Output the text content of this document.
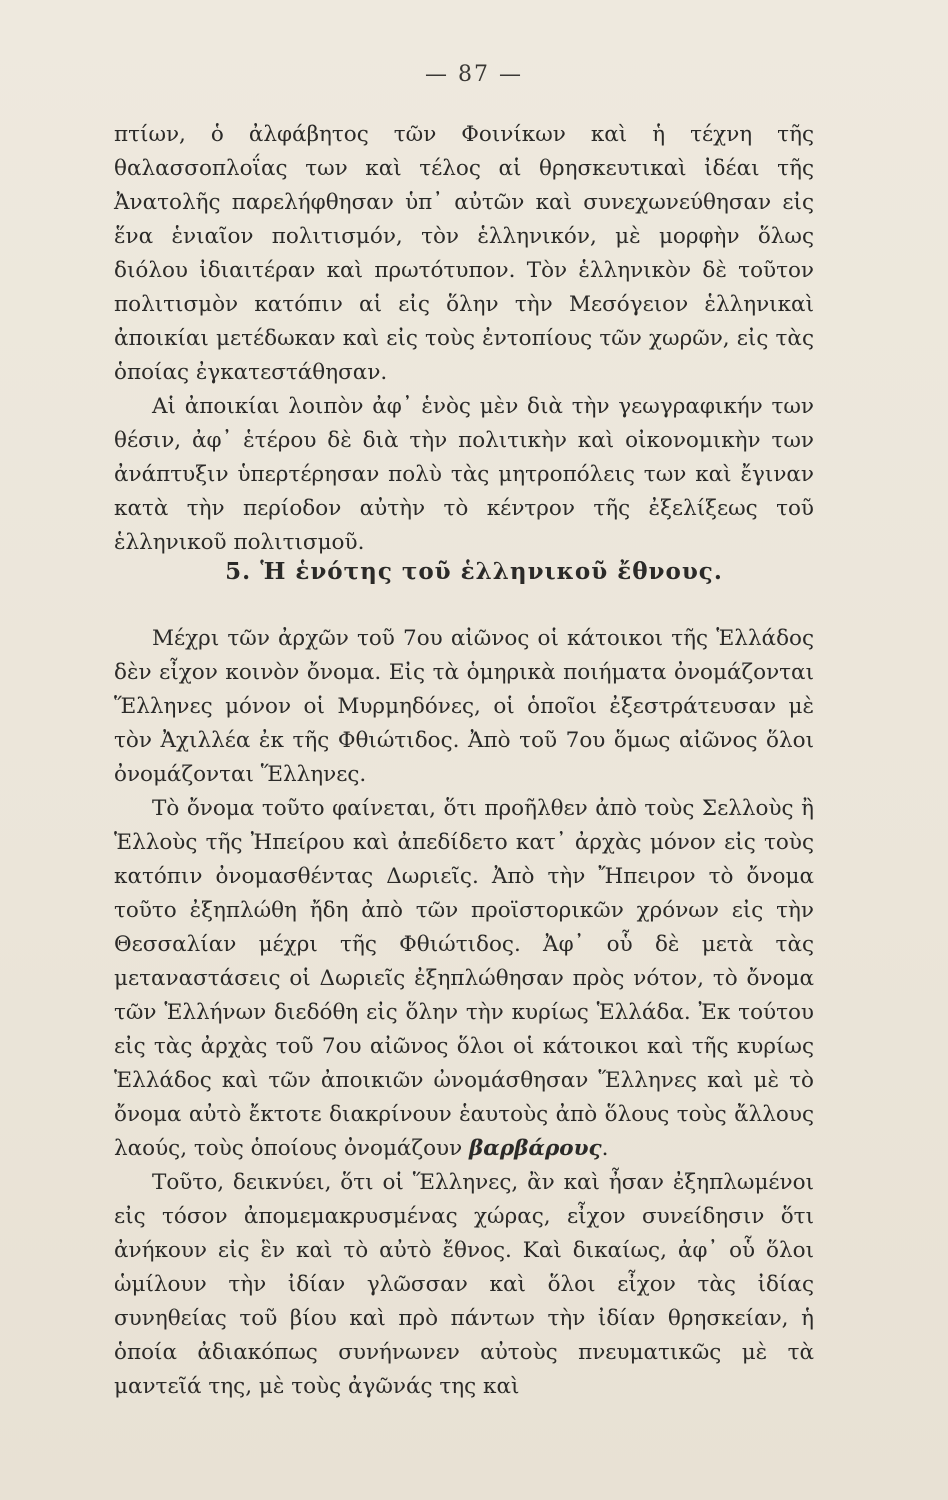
— 87 —

πτίων, ὁ ἀλφάβητος τῶν Φοινίκων καὶ ἡ τέχνη τῆς θαλασσοπλοΐας των καὶ τέλος αἱ θρησκευτικαὶ ἰδέαι τῆς Ἀνατολῆς παρελήφθησαν ὑπ᾿ αὐτῶν καὶ συνεχωνεύθησαν εἰς ἕνα ἑνιαῖον πολιτισμόν, τὸν ἑλληνικόν, μὲ μορφὴν ὅλως διόλου ἰδιαιτέραν καὶ πρωτότυπον. Τὸν ἑλληνικὸν δὲ τοῦτον πολιτισμὸν κατόπιν αἱ εἰς ὅλην τὴν Μεσόγειον ἑλληνικαὶ ἀποικίαι μετέδωκαν καὶ εἰς τοὺς ἐντοπίους τῶν χωρῶν, εἰς τὰς ὁποίας ἐγκατεστάθησαν.

Αἱ ἀποικίαι λοιπὸν ἀφ᾿ ἑνὸς μὲν διὰ τὴν γεωγραφικήν των θέσιν, ἀφ᾿ ἑτέρου δὲ διὰ τὴν πολιτικὴν καὶ οἰκονομικὴν των ἀνάπτυξιν ὑπερτέρησαν πολὺ τὰς μητροπόλεις των καὶ ἔγιναν κατὰ τὴν περίοδον αὐτὴν τὸ κέντρον τῆς ἐξελίξεως τοῦ ἑλληνικοῦ πολιτισμοῦ.

5. Ἡ ἑνότης τοῦ ἑλληνικοῦ ἔθνους.

Μέχρι τῶν ἀρχῶν τοῦ 7ου αἰῶνος οἱ κάτοικοι τῆς Ἑλλάδος δὲν εἶχον κοινὸν ὄνομα. Εἰς τὰ ὁμηρικὰ ποιήματα ὀνομάζονται Ἕλληνες μόνον οἱ Μυρμηδόνες, οἱ ὁποῖοι ἐξεστράτευσαν μὲ τὸν Ἀχιλλέα ἐκ τῆς Φθιώτιδος. Ἀπὸ τοῦ 7ου ὅμως αἰῶνος ὅλοι ὀνομάζονται Ἕλληνες.

Τὸ ὄνομα τοῦτο φαίνεται, ὅτι προῆλθεν ἀπὸ τοὺς Σελλοὺς ἢ Ἑλλοὺς τῆς Ἠπείρου καὶ ἀπεδίδετο κατ᾿ ἀρχὰς μόνον εἰς τοὺς κατόπιν ὀνομασθέντας Δωριεῖς. Ἀπὸ τὴν Ἤπειρον τὸ ὄνομα τοῦτο ἐξηπλώθη ἤδη ἀπὸ τῶν προϊστορικῶν χρόνων εἰς τὴν Θεσσαλίαν μέχρι τῆς Φθιώτιδος. Ἀφ᾿ οὗ δὲ μετὰ τὰς μεταναστάσεις οἱ Δωριεῖς ἐξηπλώθησαν πρὸς νότον, τὸ ὄνομα τῶν Ἑλλήνων διεδόθη εἰς ὅλην τὴν κυρίως Ἑλλάδα. Ἐκ τούτου εἰς τὰς ἀρχὰς τοῦ 7ου αἰῶνος ὅλοι οἱ κάτοικοι καὶ τῆς κυρίως Ἑλλάδος καὶ τῶν ἀποικιῶν ὠνομάσθησαν Ἕλληνες καὶ μὲ τὸ ὄνομα αὐτὸ ἔκτοτε διακρίνουν ἑαυτοὺς ἀπὸ ὅλους τοὺς ἄλλους λαούς, τοὺς ὁποίους ὀνομάζουν βαρβάρους.

Τοῦτο, δεικνύει, ὅτι οἱ Ἕλληνες, ἂν καὶ ἦσαν ἐξηπλωμένοι εἰς τόσον ἀπομεμακρυσμένας χώρας, εἶχον συνείδησιν ὅτι ἀνήκουν εἰς ἓν καὶ τὸ αὐτὸ ἔθνος. Καὶ δικαίως, ἀφ᾿ οὗ ὅλοι ὡμίλουν τὴν ἰδίαν γλῶσσαν καὶ ὅλοι εἶχον τὰς ἰδίας συνηθείας τοῦ βίου καὶ πρὸ πάντων τὴν ἰδίαν θρησκείαν, ἡ ὁποία ἀδιακόπως συνήνωνεν αὐτοὺς πνευματικῶς μὲ τὰ μαντεῖά της, μὲ τοὺς ἀγῶνάς της καὶ
